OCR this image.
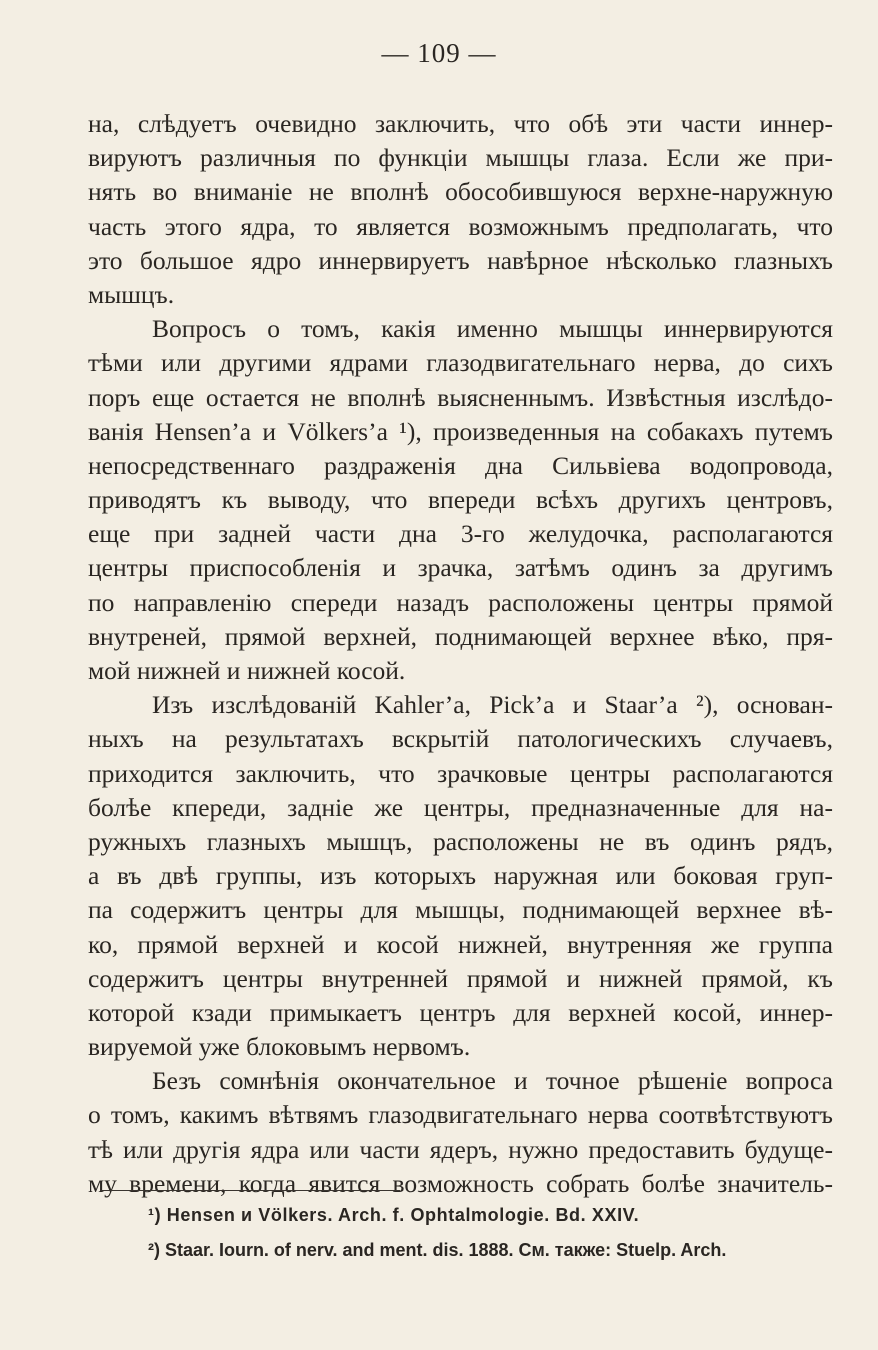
— 109 —
на, слѣдуетъ очевидно заключить, что обѣ эти части иннер-
вируютъ различныя по функціи мышцы глаза. Если же при-
нять во вниманіе не вполнѣ обособившуюся верхне-наружную
часть этого ядра, то является возможнымъ предполагать, что
это большое ядро иннервируетъ навѣрное нѣсколько глазныхъ
мышцъ.
Вопросъ о томъ, какія именно мышцы иннервируются
тѣми или другими ядрами глазодвигательнаго нерва, до сихъ
поръ еще остается не вполнѣ выясненнымъ. Извѣстныя изслѣдо-
ванія Hensen’а и Völkers’а ¹), произведенныя на собакахъ путемъ
непосредственнаго раздраженія дна Сильвіева водопровода,
приводятъ къ выводу, что впереди всѣхъ другихъ центровъ,
еще при задней части дна 3-го желудочка, располагаются
центры приспособленія и зрачка, затѣмъ одинъ за другимъ
по направленію спереди назадъ расположены центры прямой
внутреней, прямой верхней, поднимающей верхнее вѣко, пря-
мой нижней и нижней косой.
Изъ изслѣдованій Kahler’а, Pick’а и Staar’а ²), основан-
ныхъ на результатахъ вскрытій патологическихъ случаевъ,
приходится заключить, что зрачковые центры располагаются
болѣе кпереди, задніе же центры, предназначенные для на-
ружныхъ глазныхъ мышцъ, расположены не въ одинъ рядъ,
а въ двѣ группы, изъ которыхъ наружная или боковая груп-
па содержитъ центры для мышцы, поднимающей верхнее вѣ-
ко, прямой верхней и косой нижней, внутренняя же группа
содержитъ центры внутренней прямой и нижней прямой, къ
которой кзади примыкаетъ центръ для верхней косой, иннер-
вируемой уже блоковымъ нервомъ.
Безъ сомнѣнія окончательное и точное рѣшеніе вопроса
о томъ, какимъ вѣтвямъ глазодвигательнаго нерва соотвѣтствуютъ
тѣ или другія ядра или части ядеръ, нужно предоставить будуще-
му времени, когда явится возможность собрать болѣе значитель-
¹) Hensen и Völkers. Arch. f. Ophtalmologie. Bd. XXIV.
²) Staar. Iourn. of nerv. and ment. dis. 1888. См. также: Stuelp. Arch.
